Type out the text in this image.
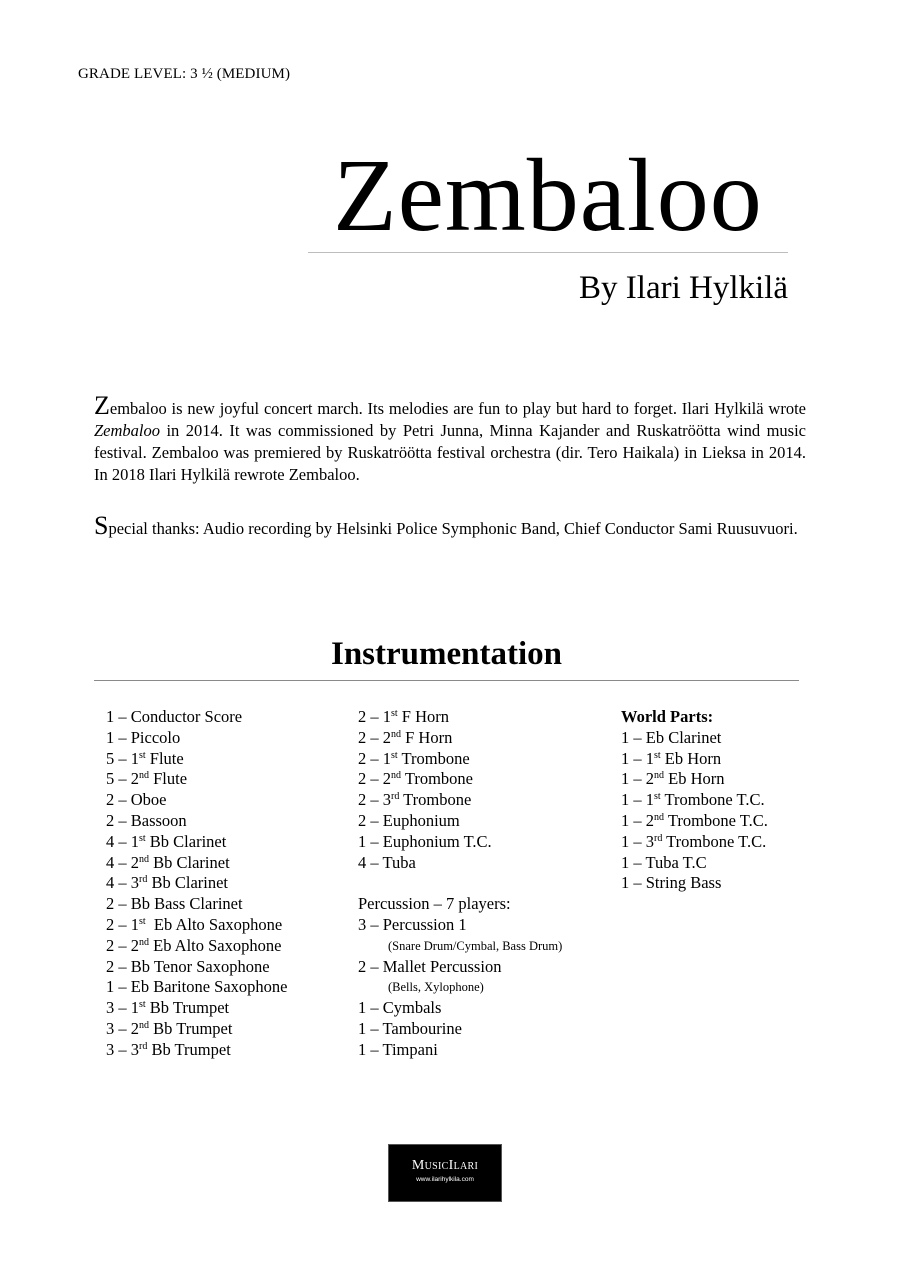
GRADE LEVEL: 3 ½ (MEDIUM)
Zembaloo
By Ilari Hylkilä
Zembaloo is new joyful concert march. Its melodies are fun to play but hard to forget. Ilari Hylkilä wrote Zembaloo in 2014. It was commissioned by Petri Junna, Minna Kajander and Ruskatröötta wind music festival. Zembaloo was premiered by Ruskatröötta festival orchestra (dir. Tero Haikala) in Lieksa in 2014. In 2018 Ilari Hylkilä rewrote Zembaloo.
Special thanks: Audio recording by Helsinki Police Symphonic Band, Chief Conductor Sami Ruusuvuori.
Instrumentation
1 – Conductor Score
1 – Piccolo
5 – 1st Flute
5 – 2nd Flute
2 – Oboe
2 – Bassoon
4 – 1st Bb Clarinet
4 – 2nd Bb Clarinet
4 – 3rd Bb Clarinet
2 – Bb Bass Clarinet
2 – 1st  Eb Alto Saxophone
2 – 2nd Eb Alto Saxophone
2 – Bb Tenor Saxophone
1 – Eb Baritone Saxophone
3 – 1st Bb Trumpet
3 – 2nd Bb Trumpet
3 – 3rd Bb Trumpet
2 – 1st F Horn
2 – 2nd F Horn
2 – 1st Trombone
2 – 2nd Trombone
2 – 3rd Trombone
2 – Euphonium
1 – Euphonium T.C.
4 – Tuba
Percussion – 7 players:
3 – Percussion 1
(Snare Drum/Cymbal, Bass Drum)
2 – Mallet Percussion
(Bells, Xylophone)
1 – Cymbals
1 – Tambourine
1 – Timpani
World Parts:
1 – Eb Clarinet
1 – 1st Eb Horn
1 – 2nd Eb Horn
1 – 1st Trombone T.C.
1 – 2nd Trombone T.C.
1 – 3rd Trombone T.C.
1 – Tuba T.C
1 – String Bass
MusicIlari
www.ilarihylkila.com
